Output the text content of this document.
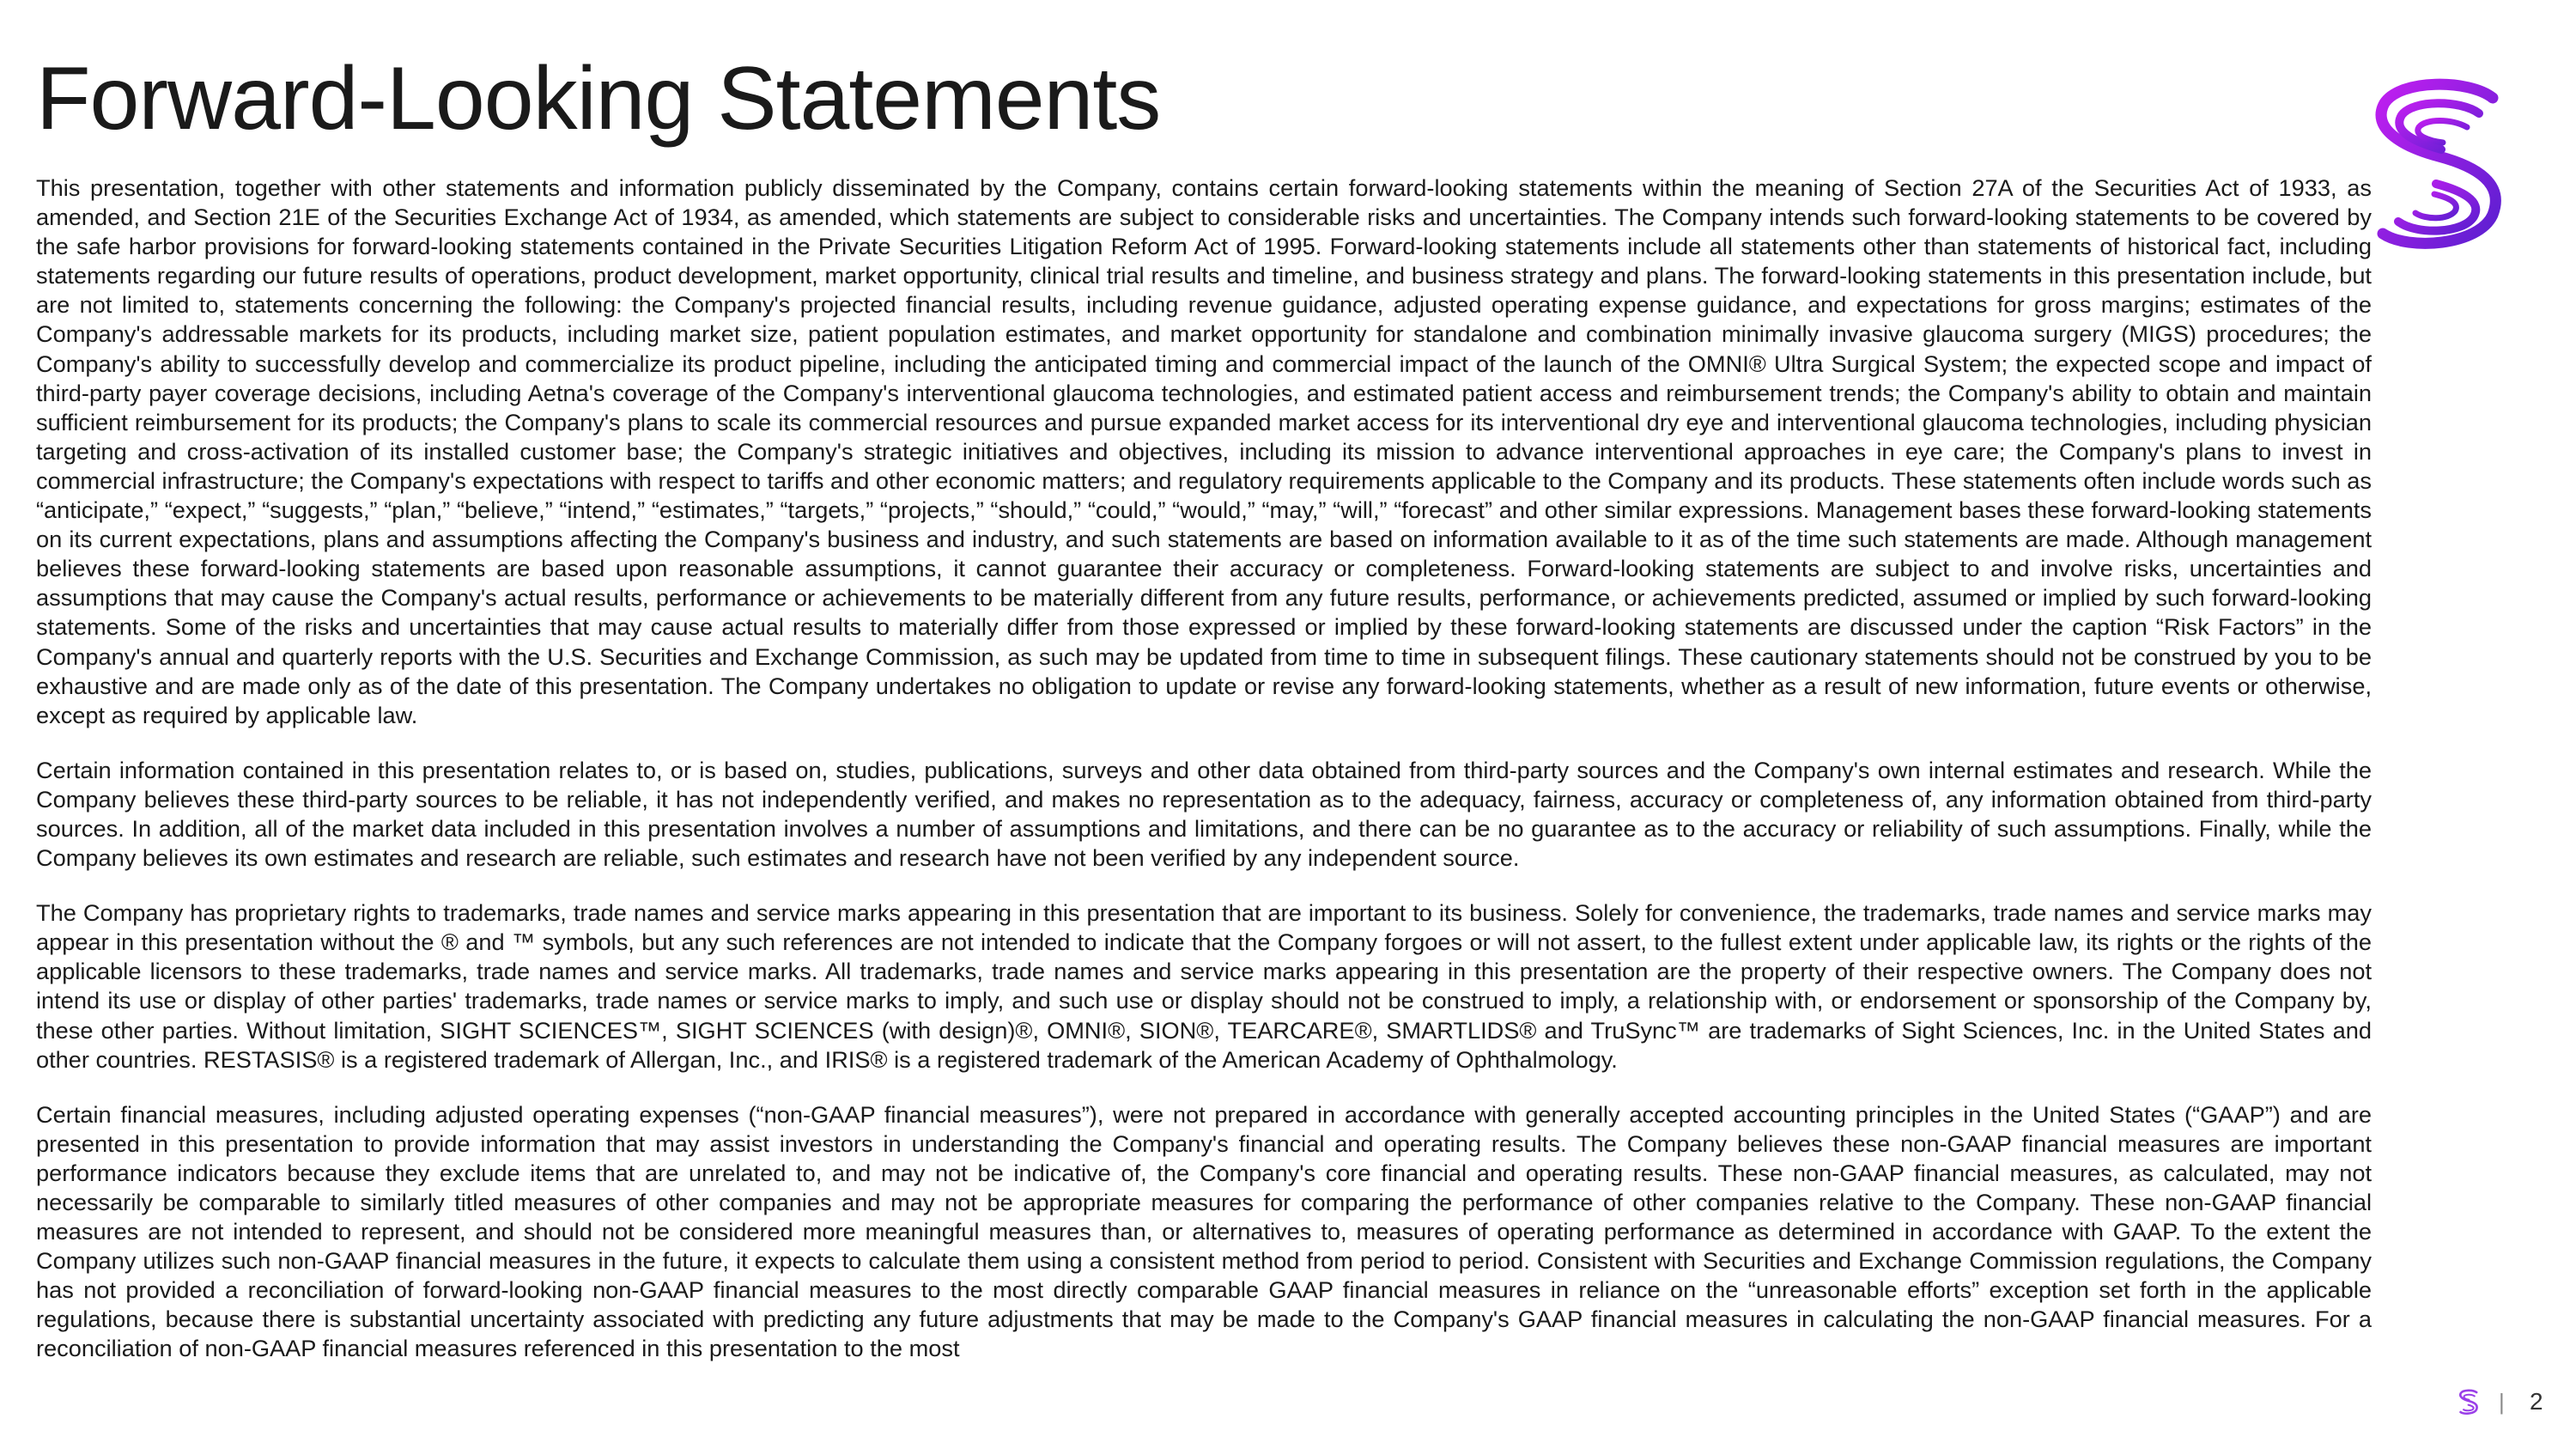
Forward-Looking Statements

This presentation, together with other statements and information publicly disseminated by the Company, contains certain forward-looking statements within the meaning of Section 27A of the Securities Act of 1933, as amended, and Section 21E of the Securities Exchange Act of 1934, as amended, which statements are subject to considerable risks and uncertainties. The Company intends such forward-looking statements to be covered by the safe harbor provisions for forward-looking statements contained in the Private Securities Litigation Reform Act of 1995. Forward-looking statements include all statements other than statements of historical fact, including statements regarding our future results of operations, product development, market opportunity, clinical trial results and timeline, and business strategy and plans. The forward-looking statements in this presentation include, but are not limited to, statements concerning the following: the Company's projected financial results, including revenue guidance, adjusted operating expense guidance, and expectations for gross margins; estimates of the Company's addressable markets for its products, including market size, patient population estimates, and market opportunity for standalone and combination minimally invasive glaucoma surgery (MIGS) procedures; the Company's ability to successfully develop and commercialize its product pipeline, including the anticipated timing and commercial impact of the launch of the OMNI® Ultra Surgical System; the expected scope and impact of third-party payer coverage decisions, including Aetna's coverage of the Company's interventional glaucoma technologies, and estimated patient access and reimbursement trends; the Company's ability to obtain and maintain sufficient reimbursement for its products; the Company's plans to scale its commercial resources and pursue expanded market access for its interventional dry eye and interventional glaucoma technologies, including physician targeting and cross-activation of its installed customer base; the Company's strategic initiatives and objectives, including its mission to advance interventional approaches in eye care; the Company's plans to invest in commercial infrastructure; the Company's expectations with respect to tariffs and other economic matters; and regulatory requirements applicable to the Company and its products. These statements often include words such as “anticipate,” “expect,” “suggests,” “plan,” “believe,” “intend,” “estimates,” “targets,” “projects,” “should,” “could,” “would,” “may,” “will,” “forecast” and other similar expressions. Management bases these forward-looking statements on its current expectations, plans and assumptions affecting the Company's business and industry, and such statements are based on information available to it as of the time such statements are made. Although management believes these forward-looking statements are based upon reasonable assumptions, it cannot guarantee their accuracy or completeness. Forward-looking statements are subject to and involve risks, uncertainties and assumptions that may cause the Company's actual results, performance or achievements to be materially different from any future results, performance, or achievements predicted, assumed or implied by such forward-looking statements. Some of the risks and uncertainties that may cause actual results to materially differ from those expressed or implied by these forward-looking statements are discussed under the caption “Risk Factors” in the Company's annual and quarterly reports with the U.S. Securities and Exchange Commission, as such may be updated from time to time in subsequent filings. These cautionary statements should not be construed by you to be exhaustive and are made only as of the date of this presentation. The Company undertakes no obligation to update or revise any forward-looking statements, whether as a result of new information, future events or otherwise, except as required by applicable law.

Certain information contained in this presentation relates to, or is based on, studies, publications, surveys and other data obtained from third-party sources and the Company's own internal estimates and research. While the Company believes these third-party sources to be reliable, it has not independently verified, and makes no representation as to the adequacy, fairness, accuracy or completeness of, any information obtained from third-party sources. In addition, all of the market data included in this presentation involves a number of assumptions and limitations, and there can be no guarantee as to the accuracy or reliability of such assumptions. Finally, while the Company believes its own estimates and research are reliable, such estimates and research have not been verified by any independent source.

The Company has proprietary rights to trademarks, trade names and service marks appearing in this presentation that are important to its business. Solely for convenience, the trademarks, trade names and service marks may appear in this presentation without the ® and ™ symbols, but any such references are not intended to indicate that the Company forgoes or will not assert, to the fullest extent under applicable law, its rights or the rights of the applicable licensors to these trademarks, trade names and service marks. All trademarks, trade names and service marks appearing in this presentation are the property of their respective owners. The Company does not intend its use or display of other parties' trademarks, trade names or service marks to imply, and such use or display should not be construed to imply, a relationship with, or endorsement or sponsorship of the Company by, these other parties. Without limitation, SIGHT SCIENCES™, SIGHT SCIENCES (with design)®, OMNI®, SION®, TEARCARE®, SMARTLIDS® and TruSync™ are trademarks of Sight Sciences, Inc. in the United States and other countries. RESTASIS® is a registered trademark of Allergan, Inc., and IRIS® is a registered trademark of the American Academy of Ophthalmology.

Certain financial measures, including adjusted operating expenses (“non-GAAP financial measures”), were not prepared in accordance with generally accepted accounting principles in the United States (“GAAP”) and are presented in this presentation to provide information that may assist investors in understanding the Company's financial and operating results. The Company believes these non-GAAP financial measures are important performance indicators because they exclude items that are unrelated to, and may not be indicative of, the Company's core financial and operating results. These non-GAAP financial measures, as calculated, may not necessarily be comparable to similarly titled measures of other companies and may not be appropriate measures for comparing the performance of other companies relative to the Company. These non-GAAP financial measures are not intended to represent, and should not be considered more meaningful measures than, or alternatives to, measures of operating performance as determined in accordance with GAAP. To the extent the Company utilizes such non-GAAP financial measures in the future, it expects to calculate them using a consistent method from period to period. Consistent with Securities and Exchange Commission regulations, the Company has not provided a reconciliation of forward-looking non-GAAP financial measures to the most directly comparable GAAP financial measures in reliance on the “unreasonable efforts” exception set forth in the applicable regulations, because there is substantial uncertainty associated with predicting any future adjustments that may be made to the Company's GAAP financial measures in calculating the non-GAAP financial measures. For a reconciliation of non-GAAP financial measures referenced in this presentation to the most

| 2
